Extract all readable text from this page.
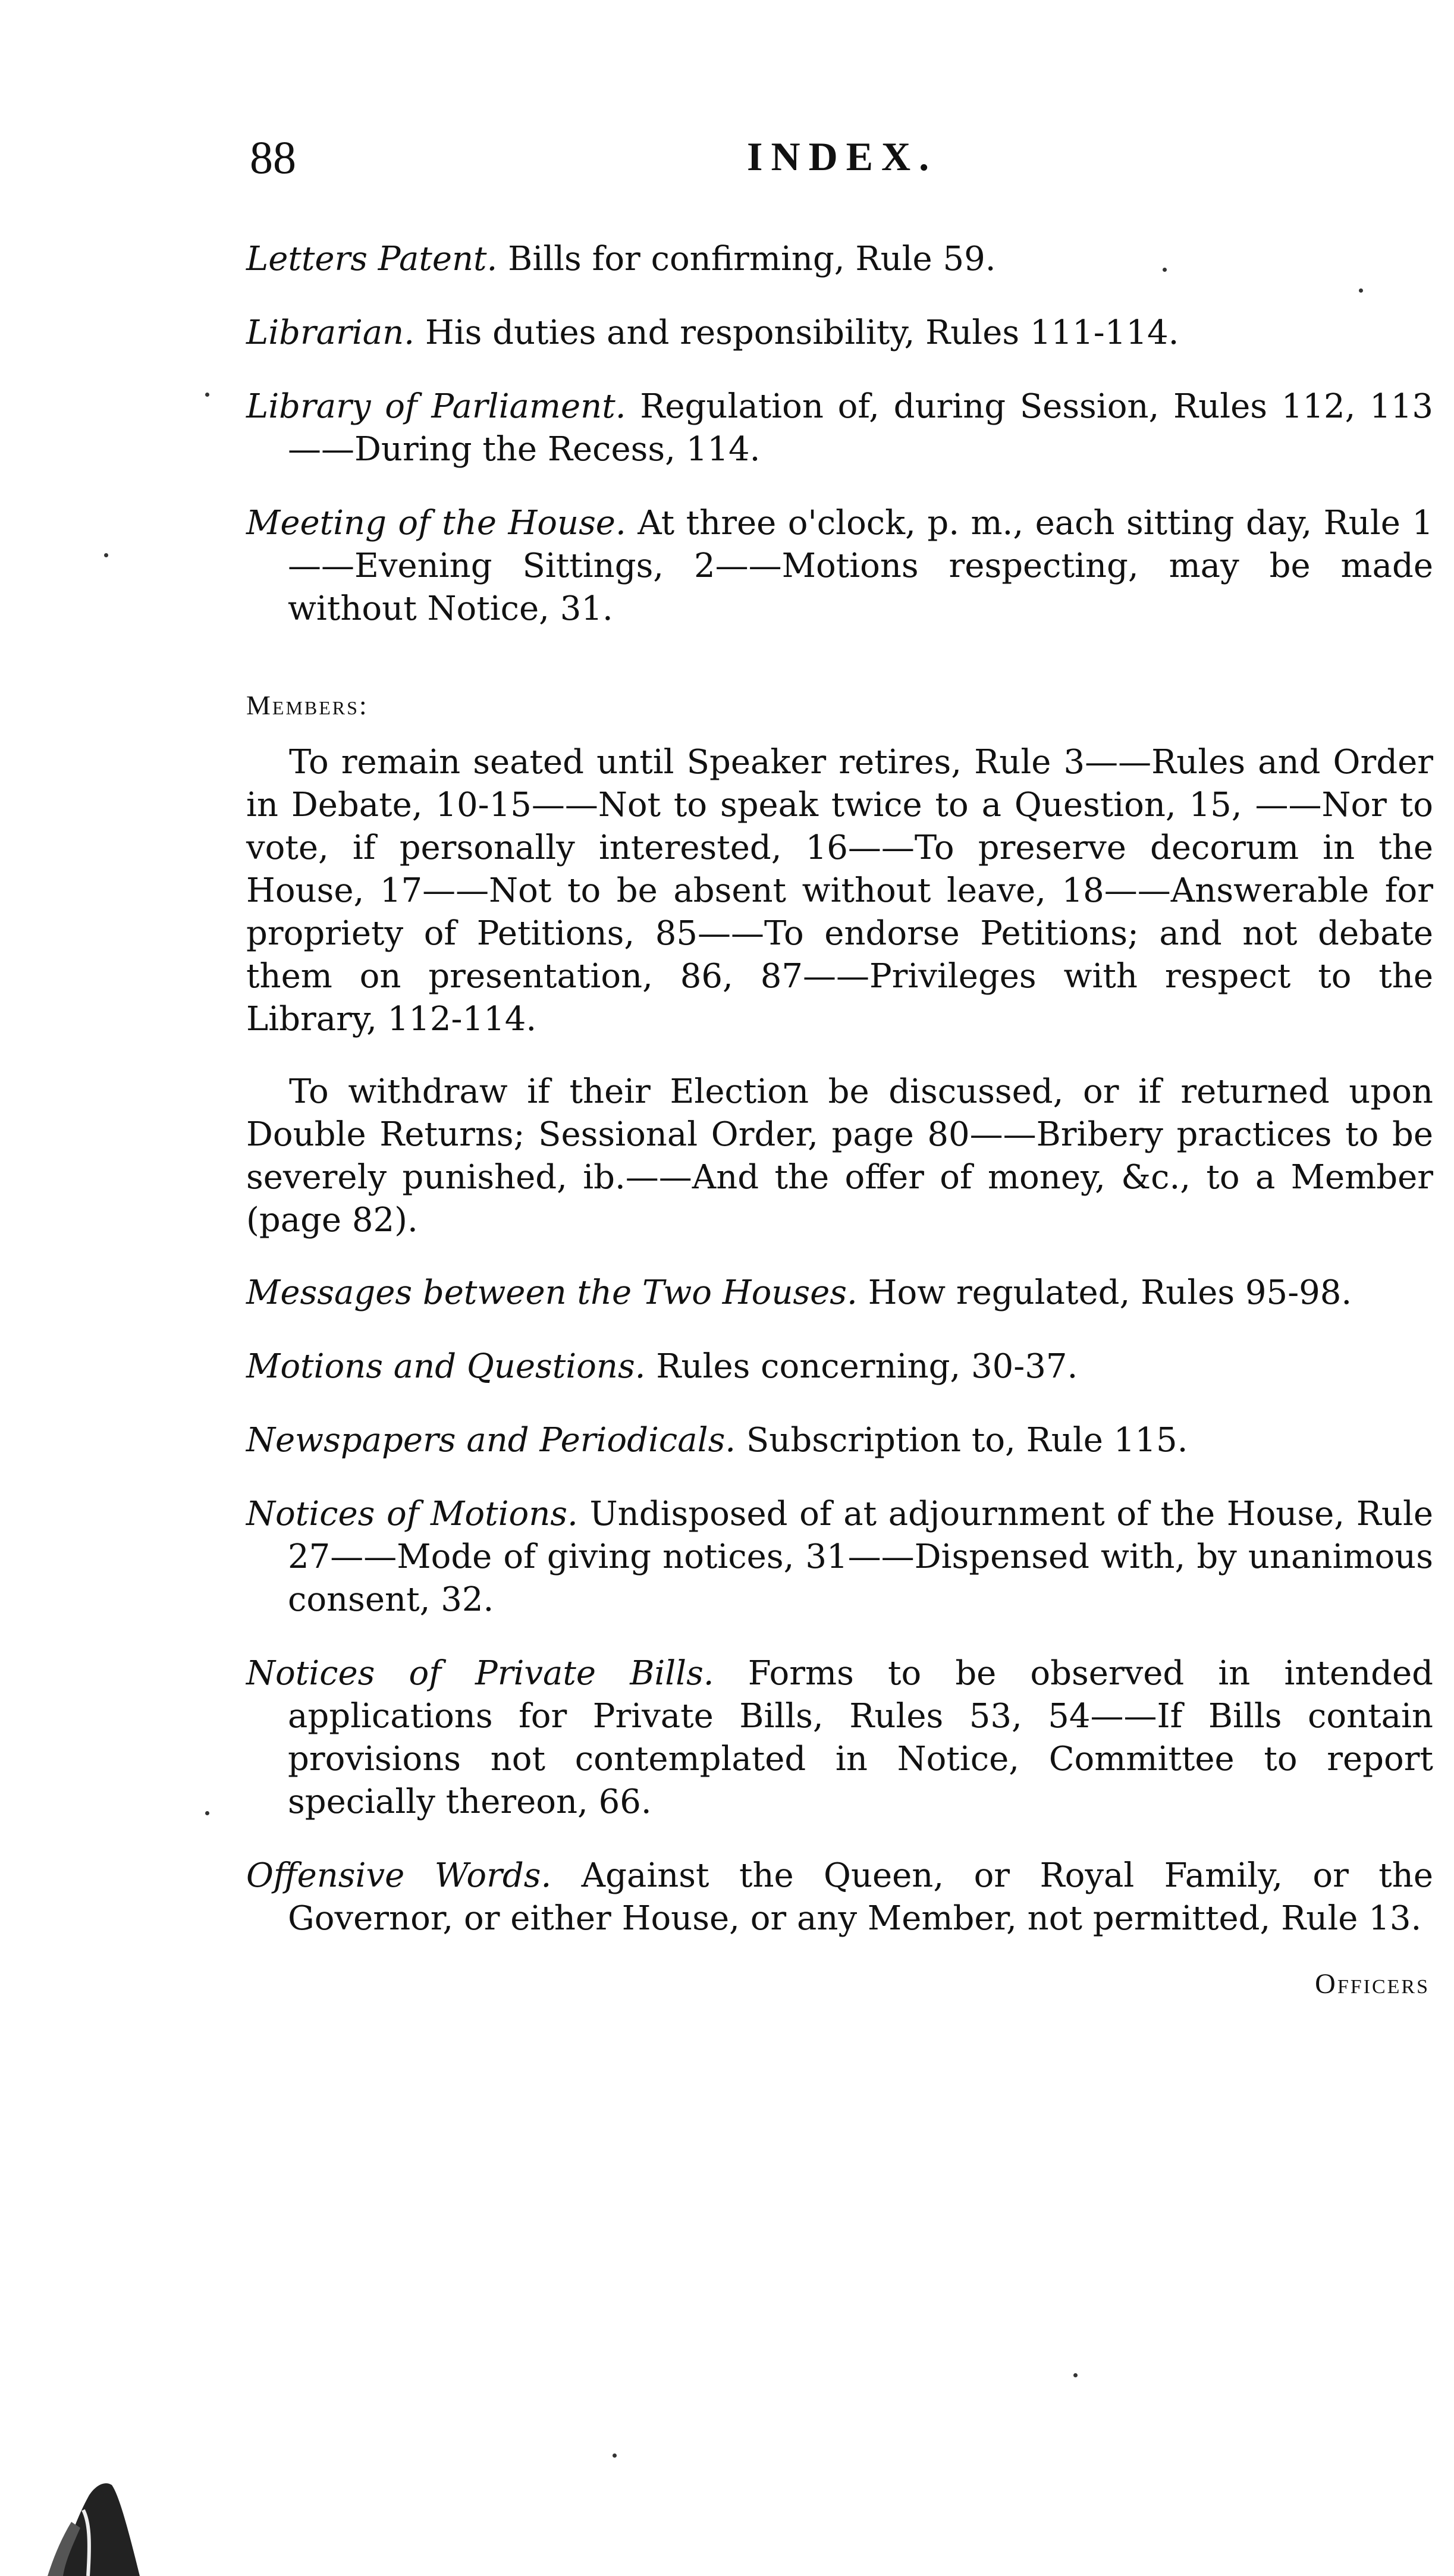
88	INDEX.

Letters Patent. Bills for confirming, Rule 59.

Librarian. His duties and responsibility, Rules 111-114.

Library of Parliament. Regulation of, during Session, Rules 112, 113——During the Recess, 114.

Meeting of the House. At three o'clock, p. m., each sitting day, Rule 1——Evening Sittings, 2——Motions respecting, may be made without Notice, 31.

Members:

To remain seated until Speaker retires, Rule 3——Rules and Order in Debate, 10-15——Not to speak twice to a Question, 15, ——Nor to vote, if personally interested, 16——To preserve decorum in the House, 17——Not to be absent without leave, 18——Answerable for propriety of Petitions, 85——To endorse Petitions; and not debate them on presentation, 86, 87——Privileges with respect to the Library, 112-114.

To withdraw if their Election be discussed, or if returned upon Double Returns; Sessional Order, page 80——Bribery practices to be severely punished, ib.——And the offer of money, &c., to a Member (page 82).

Messages between the Two Houses. How regulated, Rules 95-98.

Motions and Questions. Rules concerning, 30-37.

Newspapers and Periodicals. Subscription to, Rule 115.

Notices of Motions. Undisposed of at adjournment of the House, Rule 27——Mode of giving notices, 31——Dispensed with, by unanimous consent, 32.

Notices of Private Bills. Forms to be observed in intended applications for Private Bills, Rules 53, 54——If Bills contain provisions not contemplated in Notice, Committee to report specially thereon, 66.

Offensive Words. Against the Queen, or Royal Family, or the Governor, or either House, or any Member, not permitted, Rule 13.

Officers
